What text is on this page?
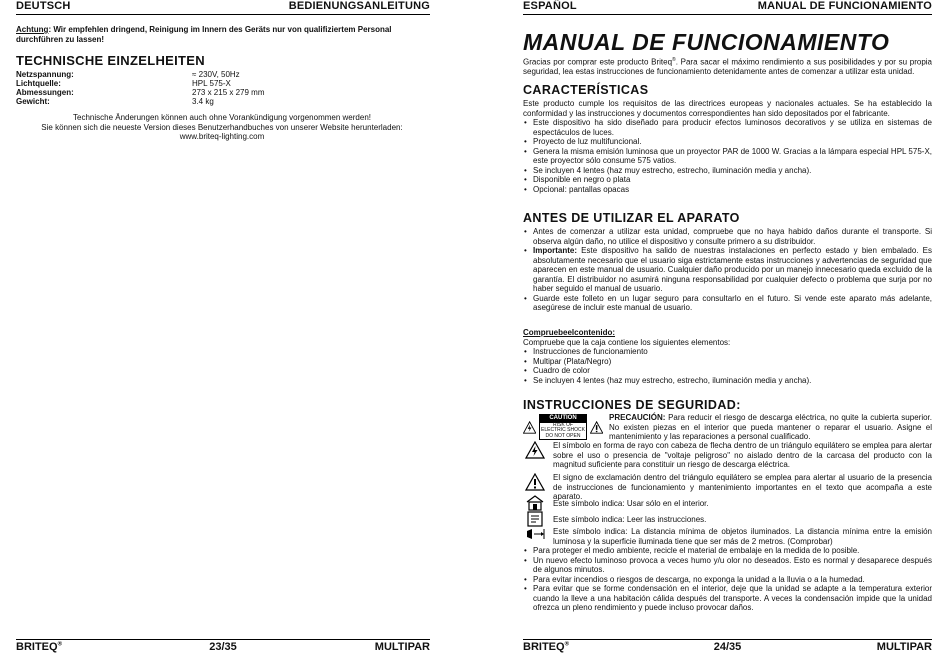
DEUTSCH	BEDIENUNGSANLEITUNG
Achtung: Wir empfehlen dringend, Reinigung im Innern des Geräts nur von qualifiziertem Personal durchführen zu lassen!
TECHNISCHE EINZELHEITEN
Netzspannung:	≈ 230V, 50Hz
Lichtquelle:	HPL 575-X
Abmessungen:	273 x 215 x 279 mm
Gewicht:	3.4 kg
Technische Änderungen können auch ohne Vorankündigung vorgenommen werden!
Sie können sich die neueste Version dieses Benutzerhandbuches von unserer Website herunterladen:
www.briteq-lighting.com
BRITEQ®	23/35	MULTIPAR
ESPAÑOL	MANUAL DE FUNCIONAMIENTO
MANUAL DE FUNCIONAMIENTO
Gracias por comprar este producto Briteq®. Para sacar el máximo rendimiento a sus posibilidades y por su propia seguridad, lea estas instrucciones de funcionamiento detenidamente antes de comenzar a utilizar esta unidad.
CARACTERÍSTICAS
Este producto cumple los requisitos de las directrices europeas y nacionales actuales. Se ha establecido la conformidad y las instrucciones y documentos correspondientes han sido depositados por el fabricante.
• Este dispositivo ha sido diseñado para producir efectos luminosos decorativos y se utiliza en sistemas de espectáculos de luces.
• Proyecto de luz multifuncional.
• Genera la misma emisión luminosa que un proyector PAR de 1000 W. Gracias a la lámpara especial HPL 575-X, este proyector sólo consume 575 vatios.
• Se incluyen 4 lentes (haz muy estrecho, estrecho, iluminación media y ancha).
• Disponible en negro o plata
• Opcional: pantallas opacas
ANTES DE UTILIZAR EL APARATO
• Antes de comenzar a utilizar esta unidad, compruebe que no haya habido daños durante el transporte. Si observa algún daño, no utilice el dispositivo y consulte primero a su distribuidor.
• Importante: Este dispositivo ha salido de nuestras instalaciones en perfecto estado y bien embalado. Es absolutamente necesario que el usuario siga estrictamente estas instrucciones y advertencias de seguridad que aparecen en este manual de usuario. Cualquier daño producido por un manejo innecesario queda excluido de la garantía. El distribuidor no asumirá ninguna responsabilidad por cualquier defecto o problema que surja por no haber seguido el manual de usuario.
• Guarde este folleto en un lugar seguro para consultarlo en el futuro. Si vende este aparato más adelante, asegúrese de incluir este manual de usuario.
Compruebeelcontenido:
Compruebe que la caja contiene los siguientes elementos:
• Instrucciones de funcionamiento
• Multipar (Plata/Negro)
• Cuadro de color
• Se incluyen 4 lentes (haz muy estrecho, estrecho, iluminación media y ancha).
INSTRUCCIONES DE SEGURIDAD:
CAUTION
RISK OF ELECTRIC SHOCK
DO NOT OPEN
PRECAUCIÓN: Para reducir el riesgo de descarga eléctrica, no quite la cubierta superior. No existen piezas en el interior que pueda mantener o reparar el usuario. Asigne el mantenimiento y las reparaciones a personal cualificado.
El símbolo en forma de rayo con cabeza de flecha dentro de un triángulo equilátero se emplea para alertar sobre el uso o presencia de "voltaje peligroso" no aislado dentro de la carcasa del producto con la magnitud suficiente para constituir un riesgo de descarga eléctrica.
El signo de exclamación dentro del triángulo equilátero se emplea para alertar al usuario de la presencia de instrucciones de funcionamiento y mantenimiento importantes en el texto que acompaña a este aparato.
Este símbolo indica: Usar sólo en el interior.
Este símbolo indica: Leer las instrucciones.
Este símbolo indica: La distancia mínima de objetos iluminados. La distancia mínima entre la emisión luminosa y la superficie iluminada tiene que ser más de 2 metros. (Comprobar)
• Para proteger el medio ambiente, recicle el material de embalaje en la medida de lo posible.
• Un nuevo efecto luminoso provoca a veces humo y/u olor no deseados. Esto es normal y desaparece después de algunos minutos.
• Para evitar incendios o riesgos de descarga, no exponga la unidad a la lluvia o a la humedad.
• Para evitar que se forme condensación en el interior, deje que la unidad se adapte a la temperatura exterior cuando la lleve a una habitación cálida después del transporte. A veces la condensación impide que la unidad ofrezca un pleno rendimiento y puede incluso provocar daños.
BRITEQ®	24/35	MULTIPAR
